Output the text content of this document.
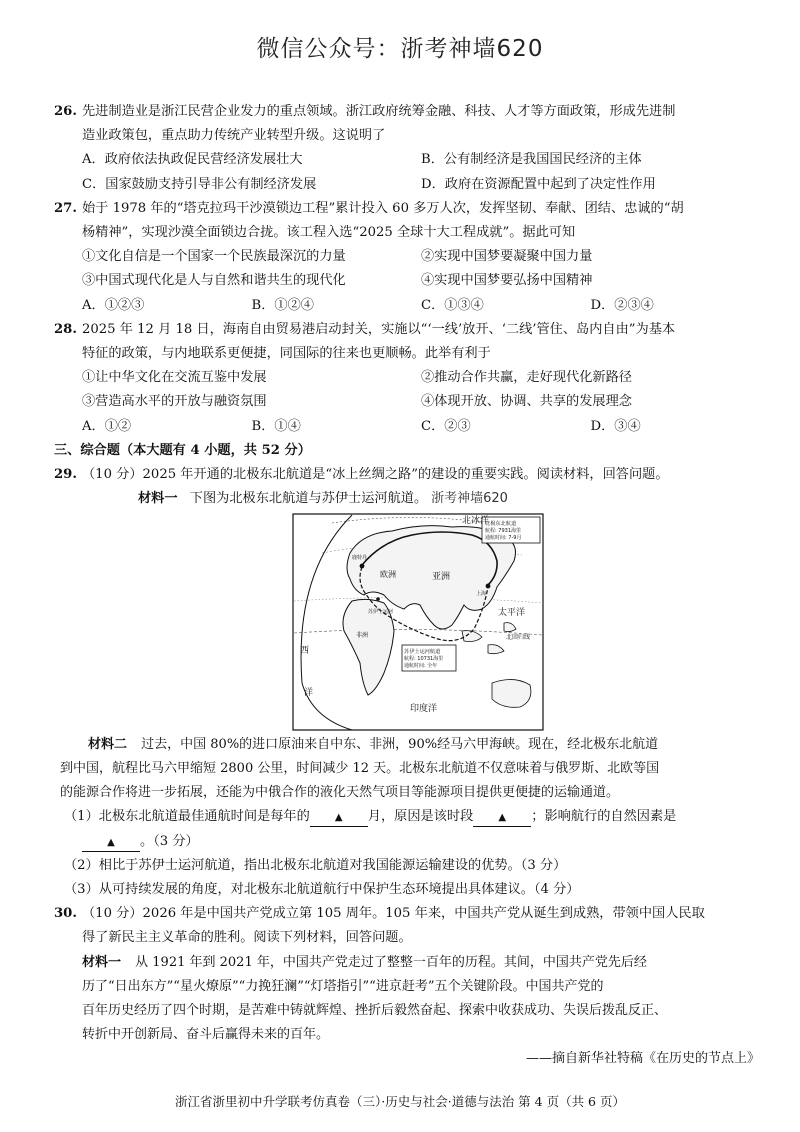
微信公众号：浙考神墙620
26. 先进制造业是浙江民营企业发力的重点领域。浙江政府统筹金融、科技、人才等方面政策，形成先进制
造业政策包，重点助力传统产业转型升级。这说明了
A．政府依法执政促民营经济发展壮大	B．公有制经济是我国国民经济的主体
C．国家鼓励支持引导非公有制经济发展	D．政府在资源配置中起到了决定性作用
27. 始于 1978 年的“塔克拉玛干沙漠锁边工程”累计投入 60 多万人次，发挥坚韧、奉献、团结、忠诚的“胡
杨精神”，实现沙漠全面锁边合拢。该工程入选“2025 全球十大工程成就”。据此可知
①文化自信是一个国家一个民族最深沉的力量	②实现中国梦要凝聚中国力量
③中国式现代化是人与自然和谐共生的现代化	④实现中国梦要弘扬中国精神
A．①②③	B．①②④	C．①③④	D．②③④
28. 2025 年 12 月 18 日，海南自由贸易港启动封关，实施以“‘一线’放开、‘二线’管住、岛内自由”为基本
特征的政策，与内地联系更便捷，同国际的往来也更顺畅。此举有利于
①让中华文化在交流互鉴中发展	②推动合作共赢，走好现代化新路径
③营造高水平的开放与融资氛围	④体现开放、协调、共享的发展理念
A．①②	B．①④	C．②③	D．③④
三、综合题（本大题有 4 小题，共 52 分）
29. （10 分）2025 年开通的北极东北航道是“冰上丝绸之路”的建设的重要实践。阅读材料，回答问题。
材料一 下图为北极东北航道与苏伊士运河航道。 浙考神墙620
北极东北航道
航程: 7931海里
通航时间: 7-9月
苏伊士运河航道
航程: 10731海里
通航时间: 全年
北冰洋
欧洲	亚洲
太平洋
北回归线
西
洋
印度洋
非洲
苏伊士运河
鹿特丹
上海
材料二 过去，中国 80%的进口原油来自中东、非洲，90%经马六甲海峡。现在，经北极东北航道
到中国，航程比马六甲缩短 2800 公里，时间减少 12 天。北极东北航道不仅意味着与俄罗斯、北欧等国
的能源合作将进一步拓展，还能为中俄合作的液化天然气项目等能源项目提供更便捷的运输通道。
（1）北极东北航道最佳通航时间是每年的	▲ 月，原因是该时段	▲ ；影响航行的自然因素是
▲ 。（3 分）
（2）相比于苏伊士运河航道，指出北极东北航道对我国能源运输建设的优势。（3 分）
（3）从可持续发展的角度，对北极东北航道航行中保护生态环境提出具体建议。（4 分）
30. （10 分）2026 年是中国共产党成立第 105 周年。105 年来，中国共产党从诞生到成熟，带领中国人民取
得了新民主主义革命的胜利。阅读下列材料，回答问题。
材料一 从 1921 年到 2021 年，中国共产党走过了整整一百年的历程。其间，中国共产党先后经
历了“日出东方”“星火燎原”“力挽狂澜”“灯塔指引”“进京赶考”五个关键阶段。中国共产党的
百年历史经历了四个时期，是苦难中铸就辉煌、挫折后毅然奋起、探索中收获成功、失误后拨乱反正、
转折中开创新局、奋斗后赢得未来的百年。
——摘自新华社特稿《在历史的节点上》
浙江省浙里初中升学联考仿真卷（三）·历史与社会·道德与法治 第 4 页（共 6 页）
